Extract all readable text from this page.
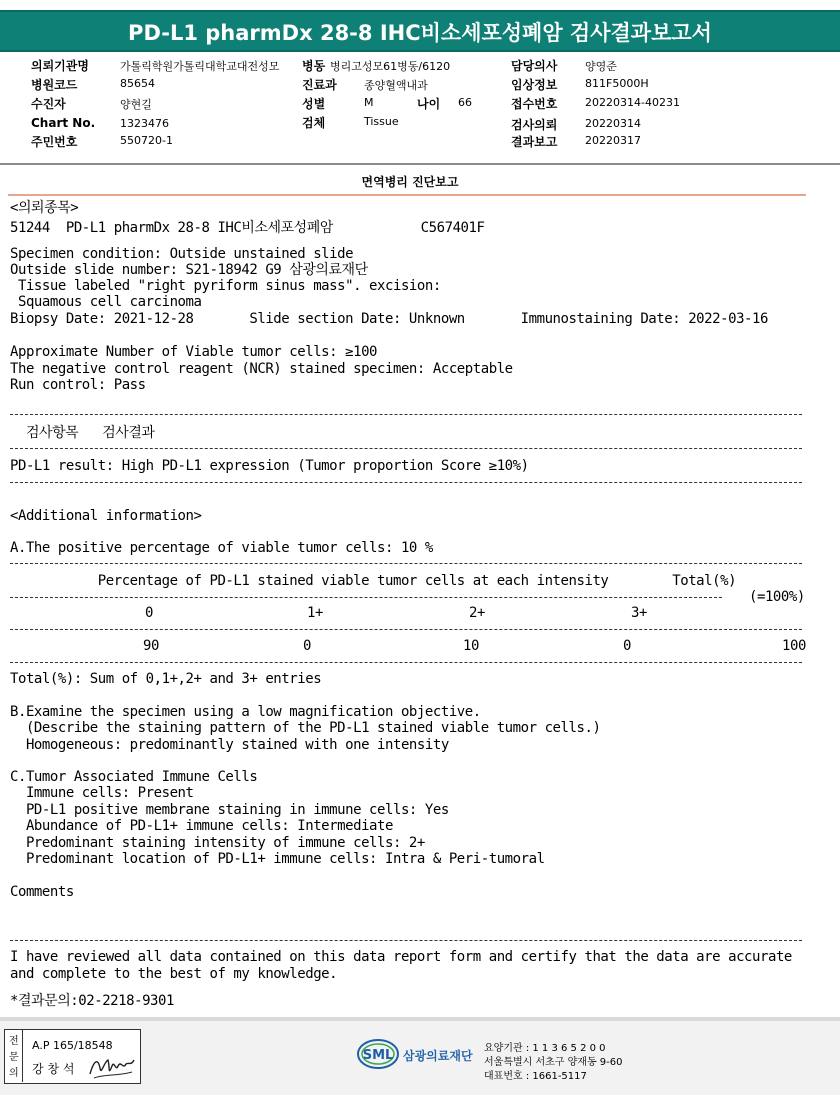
PD-L1 pharmDx 28-8 IHC비소세포성폐암 검사결과보고서
의뢰기관명	가톨릭학원가톨릭대학교대전성모 병동 병리고성모61병동/6120	담당의사	양영준
병원코드	85654	진료과 종양혈액내과	임상정보	811F5000H
수진자	양현길	성별	M	나이 66	접수번호	20220314-40231
Chart No. 1323476	검체	Tissue	검사의뢰	20220314
주민번호	550720-1	결과보고	20220317
면역병리 진단보고
<의뢰종목>
51244  PD-L1 pharmDx 28-8 IHC비소세포성폐암           C567401F
Specimen condition: Outside unstained slide
Outside slide number: S21-18942 G9 삼광의료재단
Tissue labeled "right pyriform sinus mass". excision:
Squamous cell carcinoma
Biopsy Date: 2021-12-28       Slide section Date: Unknown       Immunostaining Date: 2022-03-16
Approximate Number of Viable tumor cells: ≥100
The negative control reagent (NCR) stained specimen: Acceptable
Run control: Pass
검사항목   검사결과
PD-L1 result: High PD-L1 expression (Tumor proportion Score ≥10%)
<Additional information>
A.The positive percentage of viable tumor cells: 10 %
Percentage of PD-L1 stained viable tumor cells at each intensity        Total(%)
(=100%)
0	1+	2+	3+
90	0	10	0	100
Total(%): Sum of 0,1+,2+ and 3+ entries
B.Examine the specimen using a low magnification objective.
(Describe the staining pattern of the PD-L1 stained viable tumor cells.)
Homogeneous: predominantly stained with one intensity
C.Tumor Associated Immune Cells
Immune cells: Present
PD-L1 positive membrane staining in immune cells: Yes
Abundance of PD-L1+ immune cells: Intermediate
Predominant staining intensity of immune cells: 2+
Predominant location of PD-L1+ immune cells: Intra & Peri-tumoral
Comments
I have reviewed all data contained on this data report form and certify that the data are accurate
and complete to the best of my knowledge.
*결과문의:02-2218-9301
전
문
의
A.P 165/18548
강 창 석
SML 삼광의료재단
요양기관 : 1 1 3 6 5 2 0 0
서울특별시 서초구 양재동 9-60
대표번호 : 1661-5117
